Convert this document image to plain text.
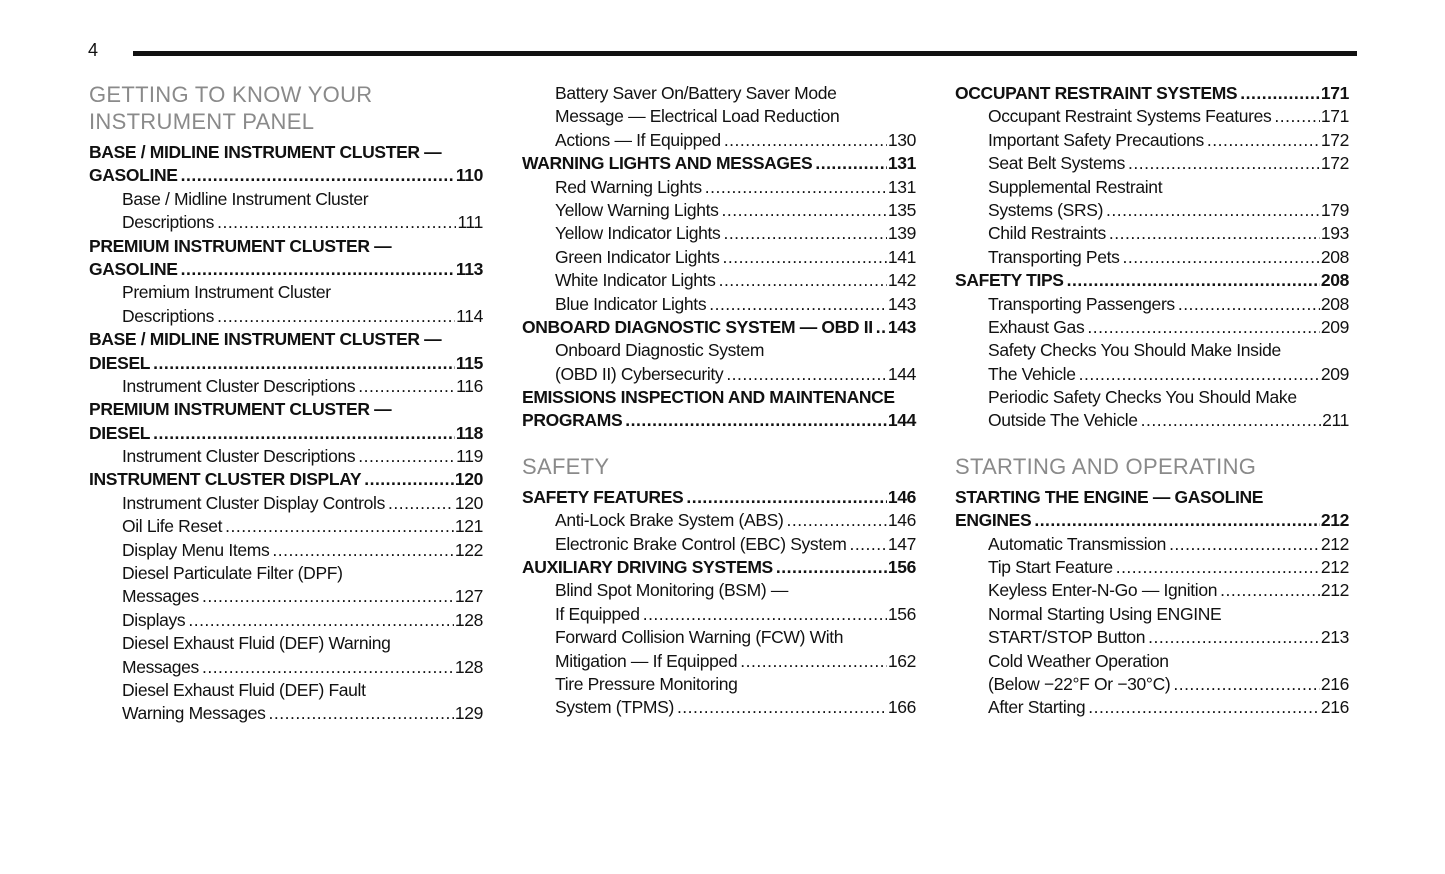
4
GETTING TO KNOW YOUR
INSTRUMENT PANEL
BASE / MIDLINE INSTRUMENT CLUSTER —
GASOLINE .....	110
Base / Midline Instrument Cluster
Descriptions .....	111
PREMIUM INSTRUMENT CLUSTER —
GASOLINE .....	113
Premium Instrument Cluster
Descriptions .....	114
BASE / MIDLINE INSTRUMENT CLUSTER —
DIESEL .....	115
Instrument Cluster Descriptions .....	116
PREMIUM INSTRUMENT CLUSTER —
DIESEL .....	118
Instrument Cluster Descriptions .....	119
INSTRUMENT CLUSTER DISPLAY .....	120
Instrument Cluster Display Controls .....	120
Oil Life Reset .....	121
Display Menu Items .....	122
Diesel Particulate Filter (DPF)
Messages .....	127
Displays .....	128
Diesel Exhaust Fluid (DEF) Warning
Messages .....	128
Diesel Exhaust Fluid (DEF) Fault
Warning Messages .....	129
Battery Saver On/Battery Saver Mode
Message — Electrical Load Reduction
Actions — If Equipped .....	130
WARNING LIGHTS AND MESSAGES .....	131
Red Warning Lights .....	131
Yellow Warning Lights .....	135
Yellow Indicator Lights .....	139
Green Indicator Lights .....	141
White Indicator Lights .....	142
Blue Indicator Lights .....	143
ONBOARD DIAGNOSTIC SYSTEM — OBD II ..... 143
Onboard Diagnostic System
(OBD II) Cybersecurity .....	144
EMISSIONS INSPECTION AND MAINTENANCE
PROGRAMS .....	144
SAFETY
SAFETY FEATURES .....	146
Anti-Lock Brake System (ABS) .....	146
Electronic Brake Control (EBC) System ..... 147
AUXILIARY DRIVING SYSTEMS .....	156
Blind Spot Monitoring (BSM) —
If Equipped .....	156
Forward Collision Warning (FCW) With
Mitigation — If Equipped .....	162
Tire Pressure Monitoring
System (TPMS) .....	166
OCCUPANT RESTRAINT SYSTEMS .....	171
Occupant Restraint Systems Features .....	171
Important Safety Precautions .....	172
Seat Belt Systems .....	172
Supplemental Restraint
Systems (SRS) .....	179
Child Restraints .....	193
Transporting Pets .....	208
SAFETY TIPS .....	208
Transporting Passengers .....	208
Exhaust Gas .....	209
Safety Checks You Should Make Inside
The Vehicle .....	209
Periodic Safety Checks You Should Make
Outside The Vehicle .....	211
STARTING AND OPERATING
STARTING THE ENGINE — GASOLINE
ENGINES .....	212
Automatic Transmission .....	212
Tip Start Feature .....	212
Keyless Enter-N-Go — Ignition .....	212
Normal Starting Using ENGINE
START/STOP Button .....	213
Cold Weather Operation
(Below −22°F Or −30°C) .....	216
After Starting .....	216
